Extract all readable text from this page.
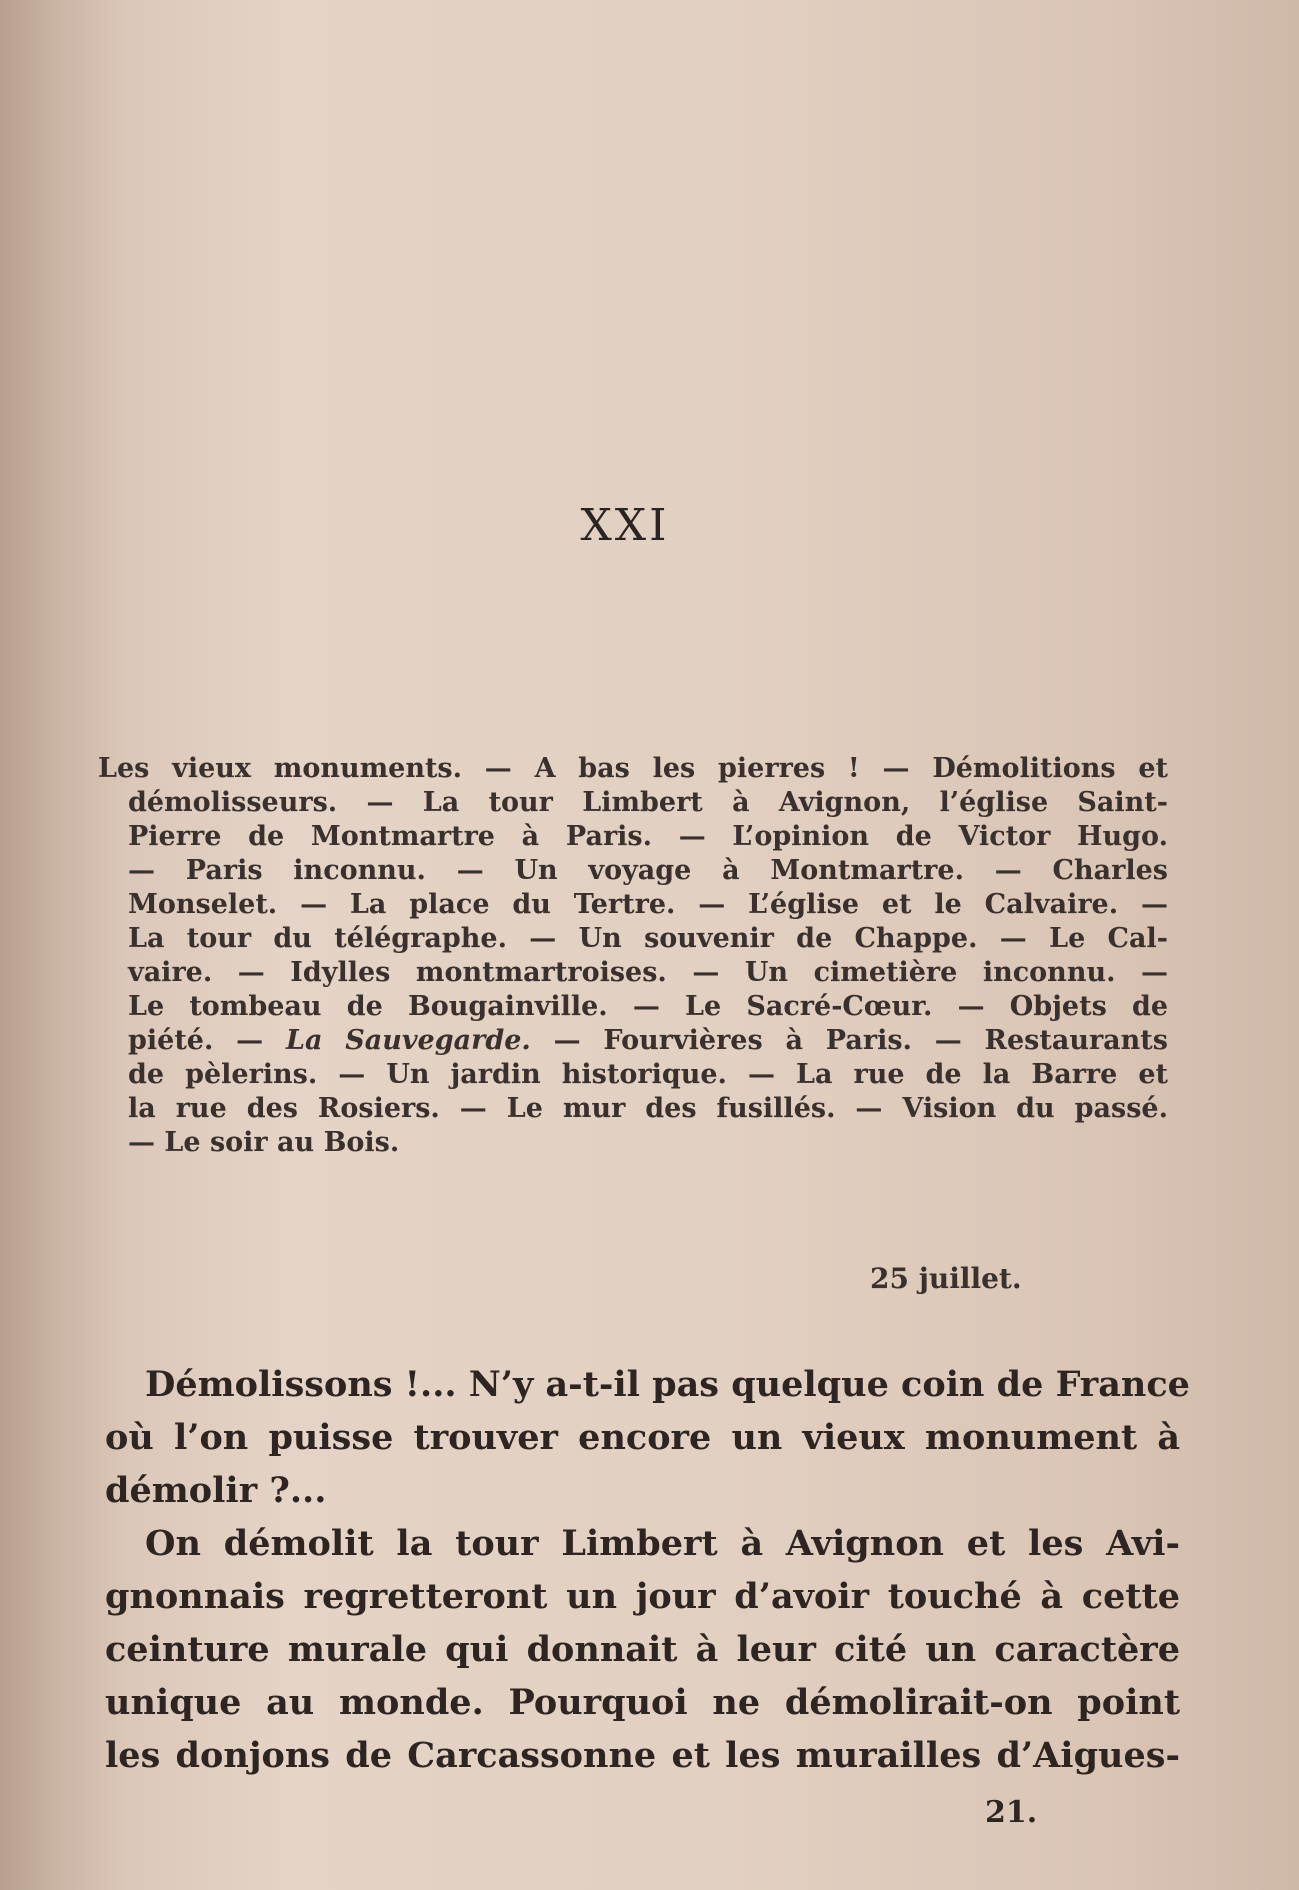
XXI
Les vieux monuments. — A bas les pierres ! — Démolitions et
démolisseurs. — La tour Limbert à Avignon, l’église Saint-
Pierre de Montmartre à Paris. — L’opinion de Victor Hugo.
— Paris inconnu. — Un voyage à Montmartre. — Charles
Monselet. — La place du Tertre. — L’église et le Calvaire. —
La tour du télégraphe. — Un souvenir de Chappe. — Le Cal-
vaire. — Idylles montmartroises. — Un cimetière inconnu. —
Le tombeau de Bougainville. — Le Sacré-Cœur. — Objets de
piété. — La Sauvegarde. — Fourvières à Paris. — Restaurants
de pèlerins. — Un jardin historique. — La rue de la Barre et
la rue des Rosiers. — Le mur des fusillés. — Vision du passé.
— Le soir au Bois.
25 juillet.
Démolissons !... N’y a-t-il pas quelque coin de France
où l’on puisse trouver encore un vieux monument à
démolir ?...
On démolit la tour Limbert à Avignon et les Avi-
gnonnais regretteront un jour d’avoir touché à cette
ceinture murale qui donnait à leur cité un caractère
unique au monde. Pourquoi ne démolirait-on point
les donjons de Carcassonne et les murailles d’Aigues-
21.
